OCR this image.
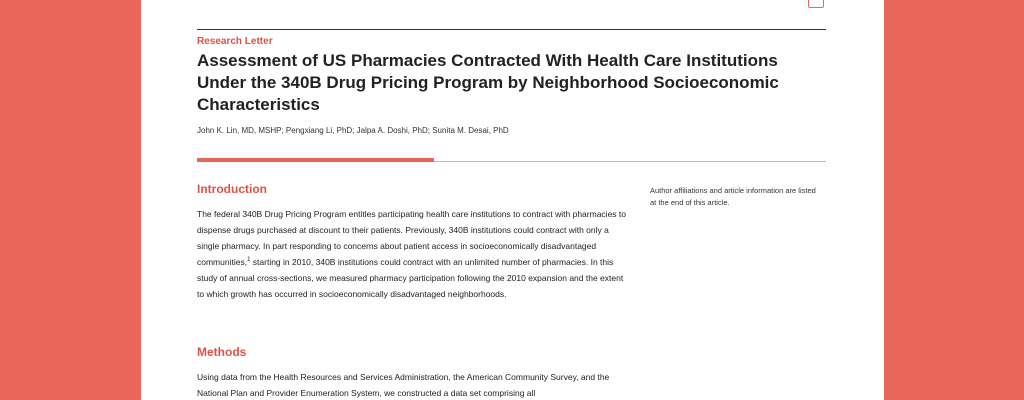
Research Letter
Assessment of US Pharmacies Contracted With Health Care Institutions Under the 340B Drug Pricing Program by Neighborhood Socioeconomic Characteristics
John K. Lin, MD, MSHP; Pengxiang Li, PhD; Jalpa A. Doshi, PhD; Sunita M. Desai, PhD
Introduction

The federal 340B Drug Pricing Program entitles participating health care institutions to contract with pharmacies to dispense drugs purchased at discount to their patients. Previously, 340B institutions could contract with only a single pharmacy. In part responding to concerns about patient access in socioeconomically disadvantaged communities,$^1$ starting in 2010, 340B institutions could contract with an unlimited number of pharmacies. In this study of annual cross-sections, we measured pharmacy participation following the 2010 expansion and the extent to which growth has occurred in socioeconomically disadvantaged neighborhoods.

Author affiliations and article information are listed at the end of this article.

Methods

Using data from the Health Resources and Services Administration, the American Community Survey, and the National Plan and Provider Enumeration System, we constructed a data set comprising all
